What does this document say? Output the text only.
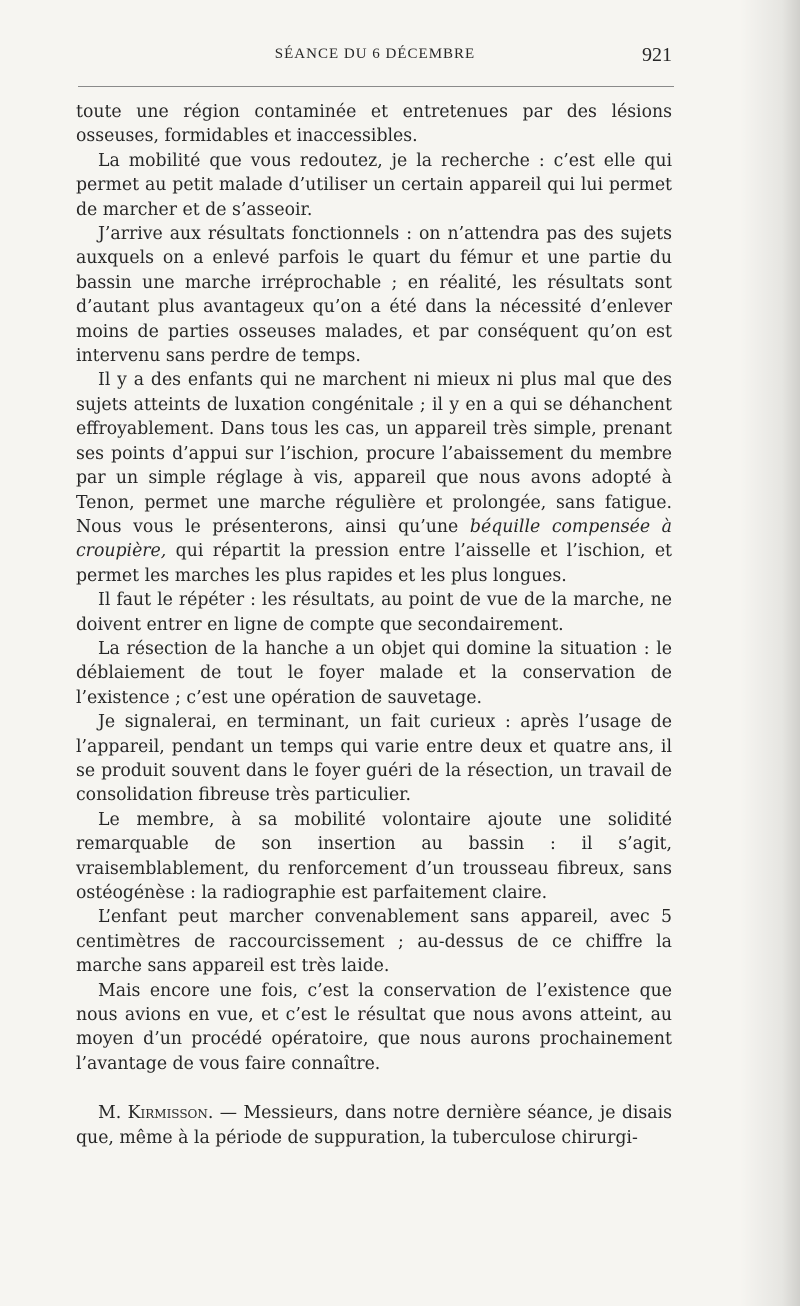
SÉANCE DU 6 DÉCEMBRE	921

toute une région contaminée et entretenues par des lésions osseuses, formidables et inaccessibles.

La mobilité que vous redoutez, je la recherche : c’est elle qui permet au petit malade d’utiliser un certain appareil qui lui permet de marcher et de s’asseoir.

J’arrive aux résultats fonctionnels : on n’attendra pas des sujets auxquels on a enlevé parfois le quart du fémur et une partie du bassin une marche irréprochable ; en réalité, les résultats sont d’autant plus avantageux qu’on a été dans la nécessité d’enlever moins de parties osseuses malades, et par conséquent qu’on est intervenu sans perdre de temps.

Il y a des enfants qui ne marchent ni mieux ni plus mal que des sujets atteints de luxation congénitale ; il y en a qui se déhanchent effroyablement. Dans tous les cas, un appareil très simple, prenant ses points d’appui sur l’ischion, procure l’abaissement du membre par un simple réglage à vis, appareil que nous avons adopté à Tenon, permet une marche régulière et prolongée, sans fatigue. Nous vous le présenterons, ainsi qu’une béquille compensée à croupière, qui répartit la pression entre l’aisselle et l’ischion, et permet les marches les plus rapides et les plus longues.

Il faut le répéter : les résultats, au point de vue de la marche, ne doivent entrer en ligne de compte que secondairement.

La résection de la hanche a un objet qui domine la situation : le déblaiement de tout le foyer malade et la conservation de l’existence ; c’est une opération de sauvetage.

Je signalerai, en terminant, un fait curieux : après l’usage de l’appareil, pendant un temps qui varie entre deux et quatre ans, il se produit souvent dans le foyer guéri de la résection, un travail de consolidation fibreuse très particulier.

Le membre, à sa mobilité volontaire ajoute une solidité remarquable de son insertion au bassin : il s’agit, vraisemblablement, du renforcement d’un trousseau fibreux, sans ostéogénèse : la radiographie est parfaitement claire.

L’enfant peut marcher convenablement sans appareil, avec 5 centimètres de raccourcissement ; au-dessus de ce chiffre la marche sans appareil est très laide.

Mais encore une fois, c’est la conservation de l’existence que nous avions en vue, et c’est le résultat que nous avons atteint, au moyen d’un procédé opératoire, que nous aurons prochainement l’avantage de vous faire connaître.

M. Kirmisson. — Messieurs, dans notre dernière séance, je disais que, même à la période de suppuration, la tuberculose chirurgi-
